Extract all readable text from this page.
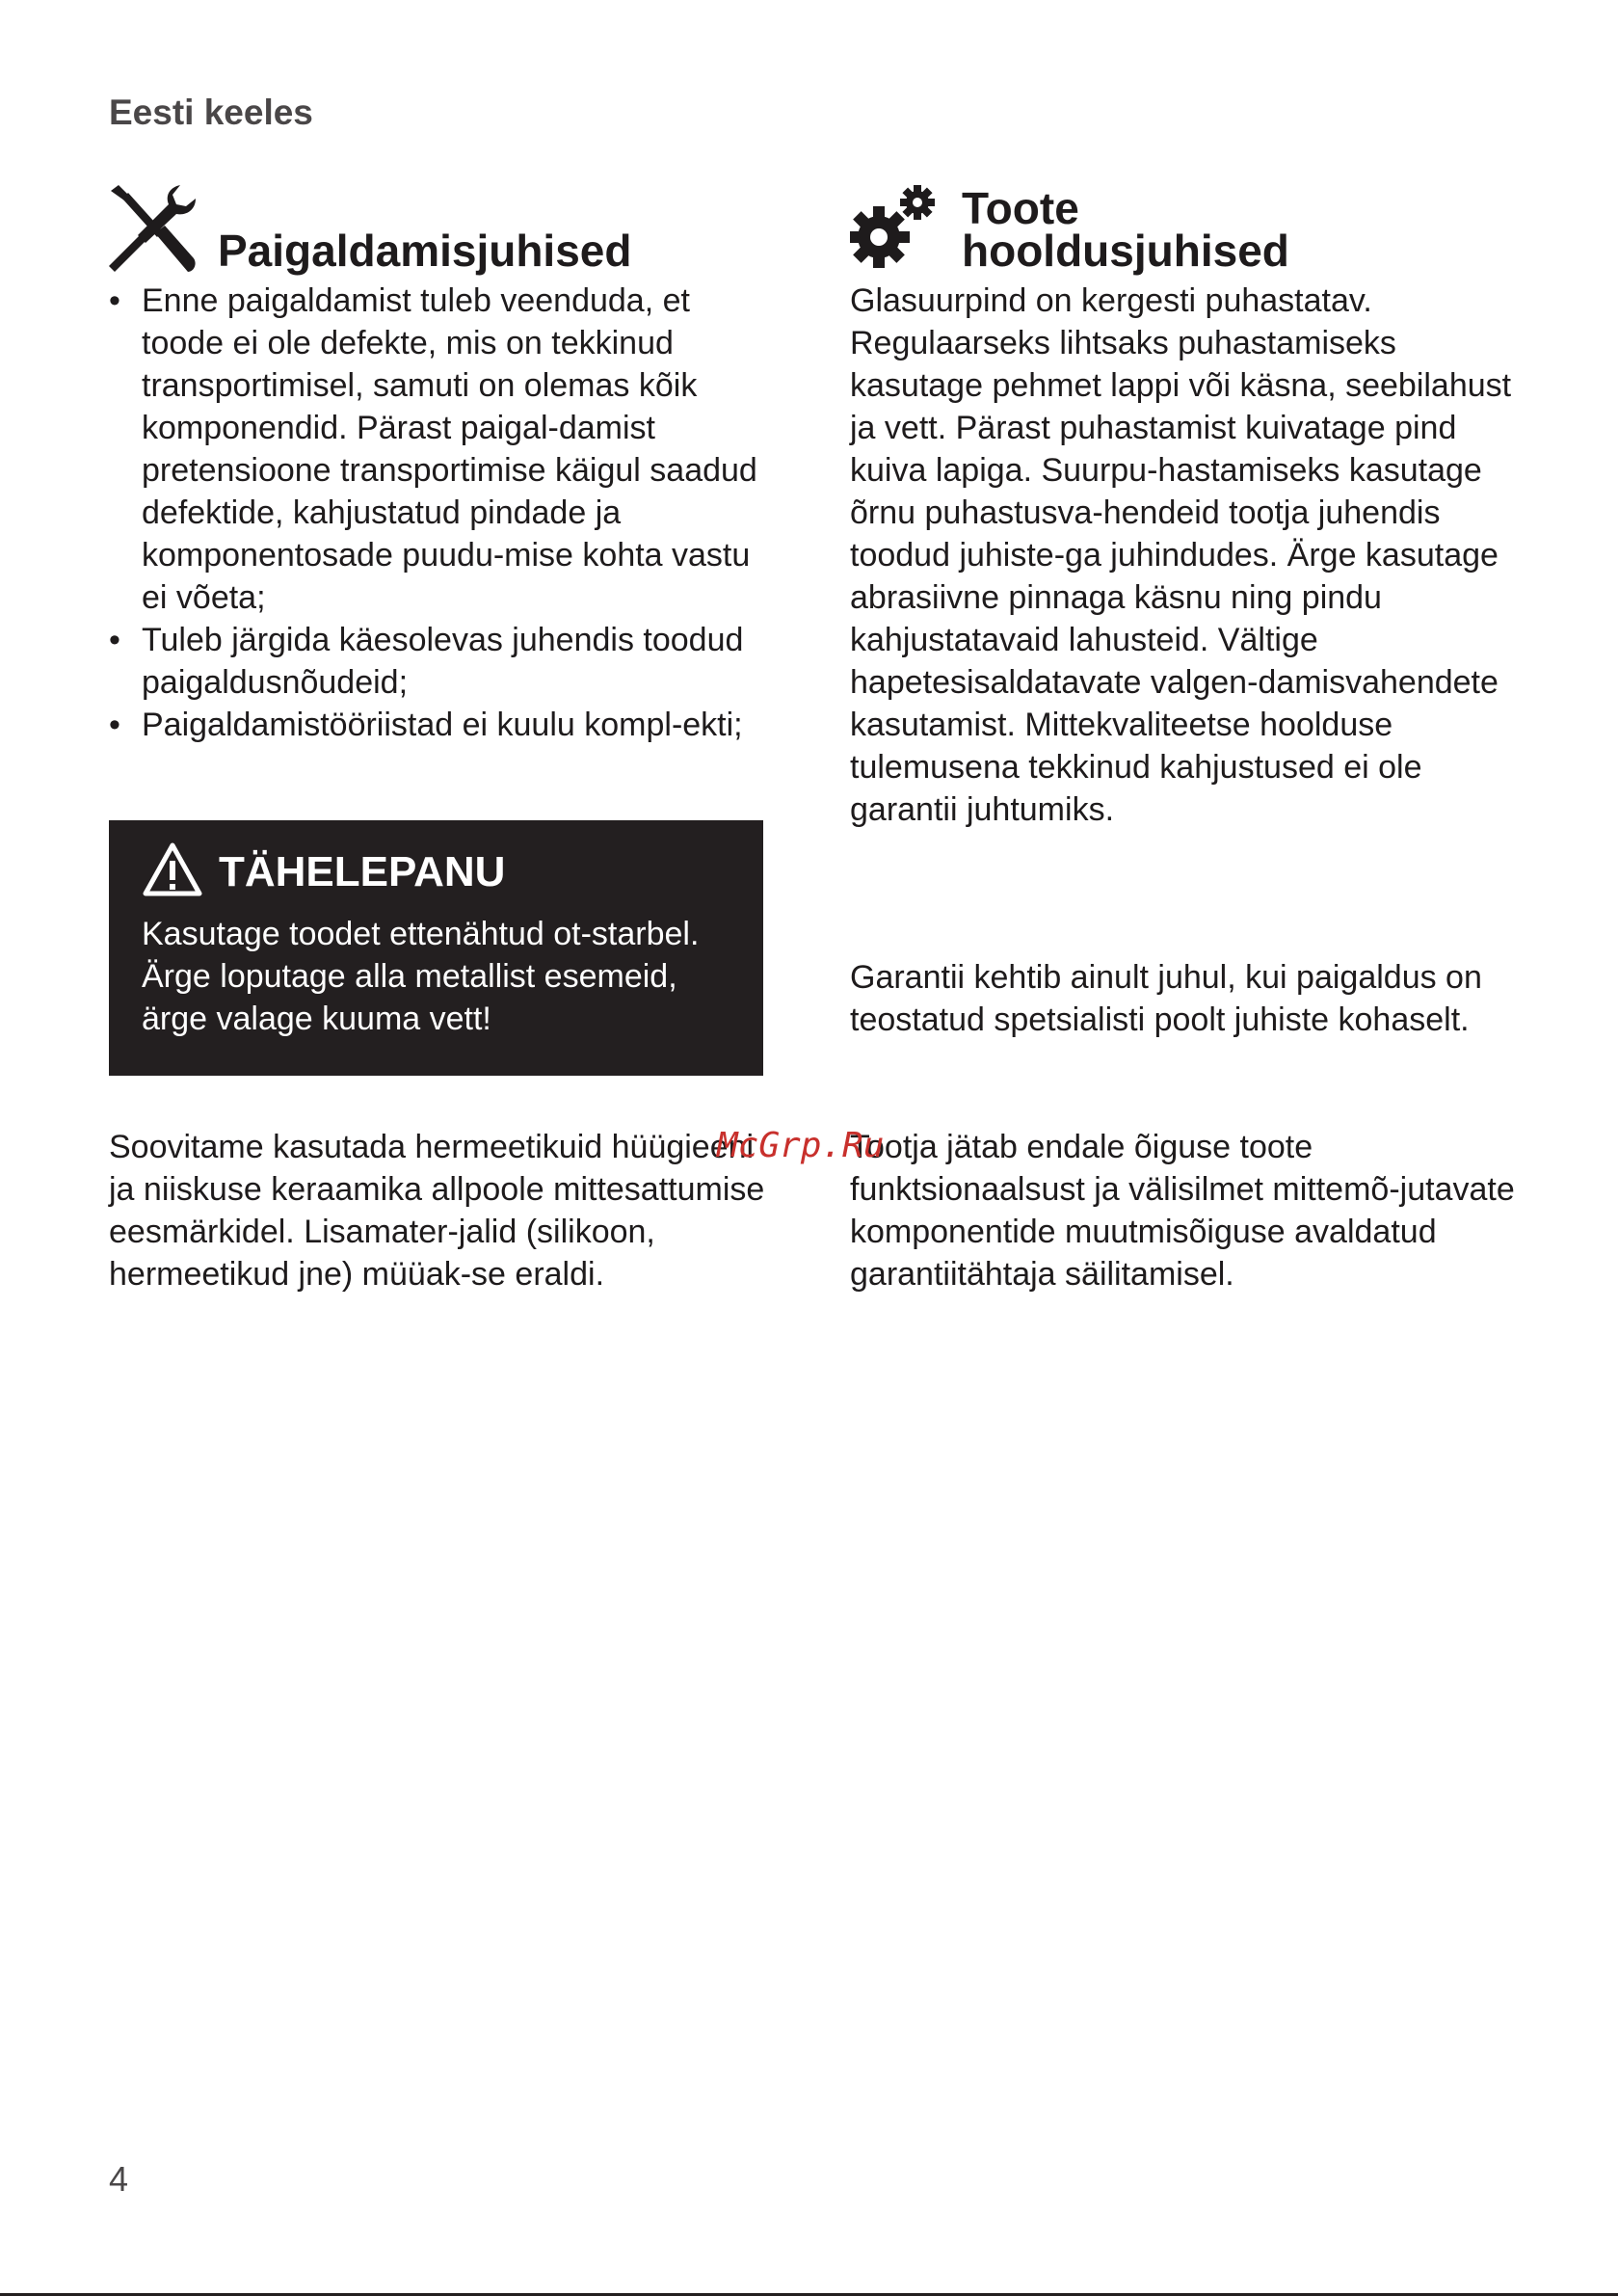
Eesti keeles
Paigaldamisjuhised
• Enne paigaldamist tuleb veenduda, et toode ei ole defekte, mis on tekkinud transportimisel, samuti on olemas kõik komponendid. Pärast paigal-damist pretensioone transportimise käigul saadud defektide, kahjustatud pindade ja komponentosade puudu-mise kohta vastu ei võeta;
• Tuleb järgida käesolevas juhendis toodud paigaldusnõudeid;
• Paigaldamistööriistad ei kuulu kompl-ekti;
TÄHELEPANU
Kasutage toodet ettenähtud ot-starbel. Ärge loputage alla metallist esemeid, ärge valage kuuma vett!

Soovitame kasutada hermeetikuid hüügieeni ja niiskuse keraamika allpoole mittesattumise eesmärkidel. Lisamater-jalid (silikoon, hermeetikud jne) müüak-se eraldi.

Toote
hooldusjuhised

Glasuurpind on kergesti puhastatav. Regulaarseks lihtsaks puhastamiseks kasutage pehmet lappi või käsna, seebilahust ja vett. Pärast puhastamist kuivatage pind kuiva lapiga. Suurpu-hastamiseks kasutage õrnu puhastusva-hendeid tootja juhendis toodud juhiste-ga juhindudes. Ärge kasutage abrasiivne pinnaga käsnu ning pindu kahjustatavaid lahusteid. Vältige hapetesisaldatavate valgen-damisvahendete kasutamist. Mittekvaliteetse hoolduse tulemusena tekkinud kahjustused ei ole garantii juhtumiks.

Garantii kehtib ainult juhul, kui paigaldus on teostatud spetsialisti poolt juhiste kohaselt.

Tootja jätab endale õiguse toote funktsionaalsust ja välisilmet mittemõ-jutavate komponentide muutmisõiguse avaldatud garantiitähtaja säilitamisel.

McGrp.Ru
4
